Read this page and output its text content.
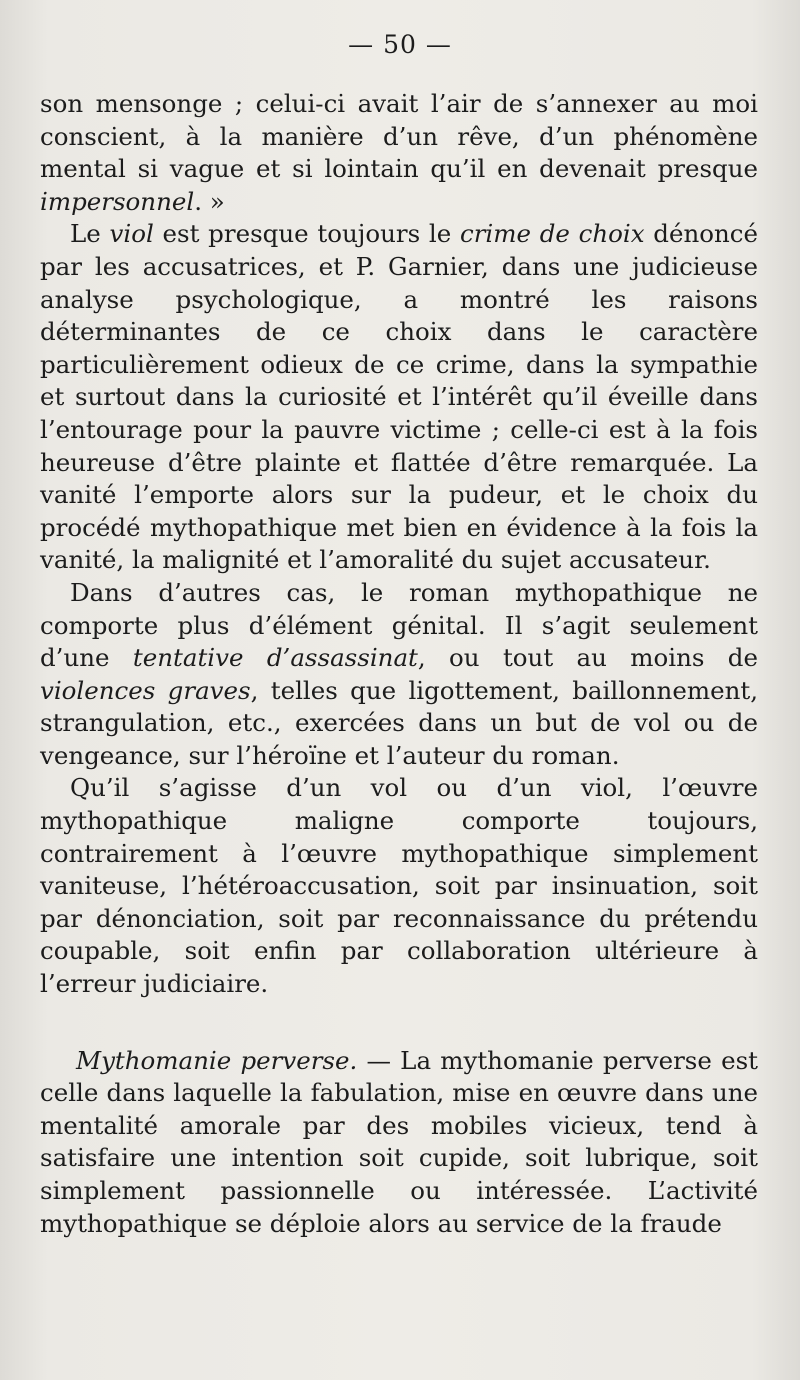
— 50 —

son mensonge ; celui-ci avait l’air de s’annexer au moi conscient, à la manière d’un rêve, d’un phénomène mental si vague et si lointain qu’il en devenait presque impersonnel. »

Le viol est presque toujours le crime de choix dénoncé par les accusatrices, et P. Garnier, dans une judicieuse analyse psychologique, a montré les raisons déterminantes de ce choix dans le caractère particulièrement odieux de ce crime, dans la sympathie et surtout dans la curiosité et l’intérêt qu’il éveille dans l’entourage pour la pauvre victime ; celle-ci est à la fois heureuse d’être plainte et flattée d’être remarquée. La vanité l’emporte alors sur la pudeur, et le choix du procédé mythopathique met bien en évidence à la fois la vanité, la malignité et l’amoralité du sujet accusateur.

Dans d’autres cas, le roman mythopathique ne comporte plus d’élément génital. Il s’agit seulement d’une tentative d’assassinat, ou tout au moins de violences graves, telles que ligottement, baillonnement, strangulation, etc., exercées dans un but de vol ou de vengeance, sur l’héroïne et l’auteur du roman.

Qu’il s’agisse d’un vol ou d’un viol, l’œuvre mythopathique maligne comporte toujours, contrairement à l’œuvre mythopathique simplement vaniteuse, l’hétéroaccusation, soit par insinuation, soit par dénonciation, soit par reconnaissance du prétendu coupable, soit enfin par collaboration ultérieure à l’erreur judiciaire.

Mythomanie perverse. — La mythomanie perverse est celle dans laquelle la fabulation, mise en œuvre dans une mentalité amorale par des mobiles vicieux, tend à satisfaire une intention soit cupide, soit lubrique, soit simplement passionnelle ou intéressée. L’activité mythopathique se déploie alors au service de la fraude
